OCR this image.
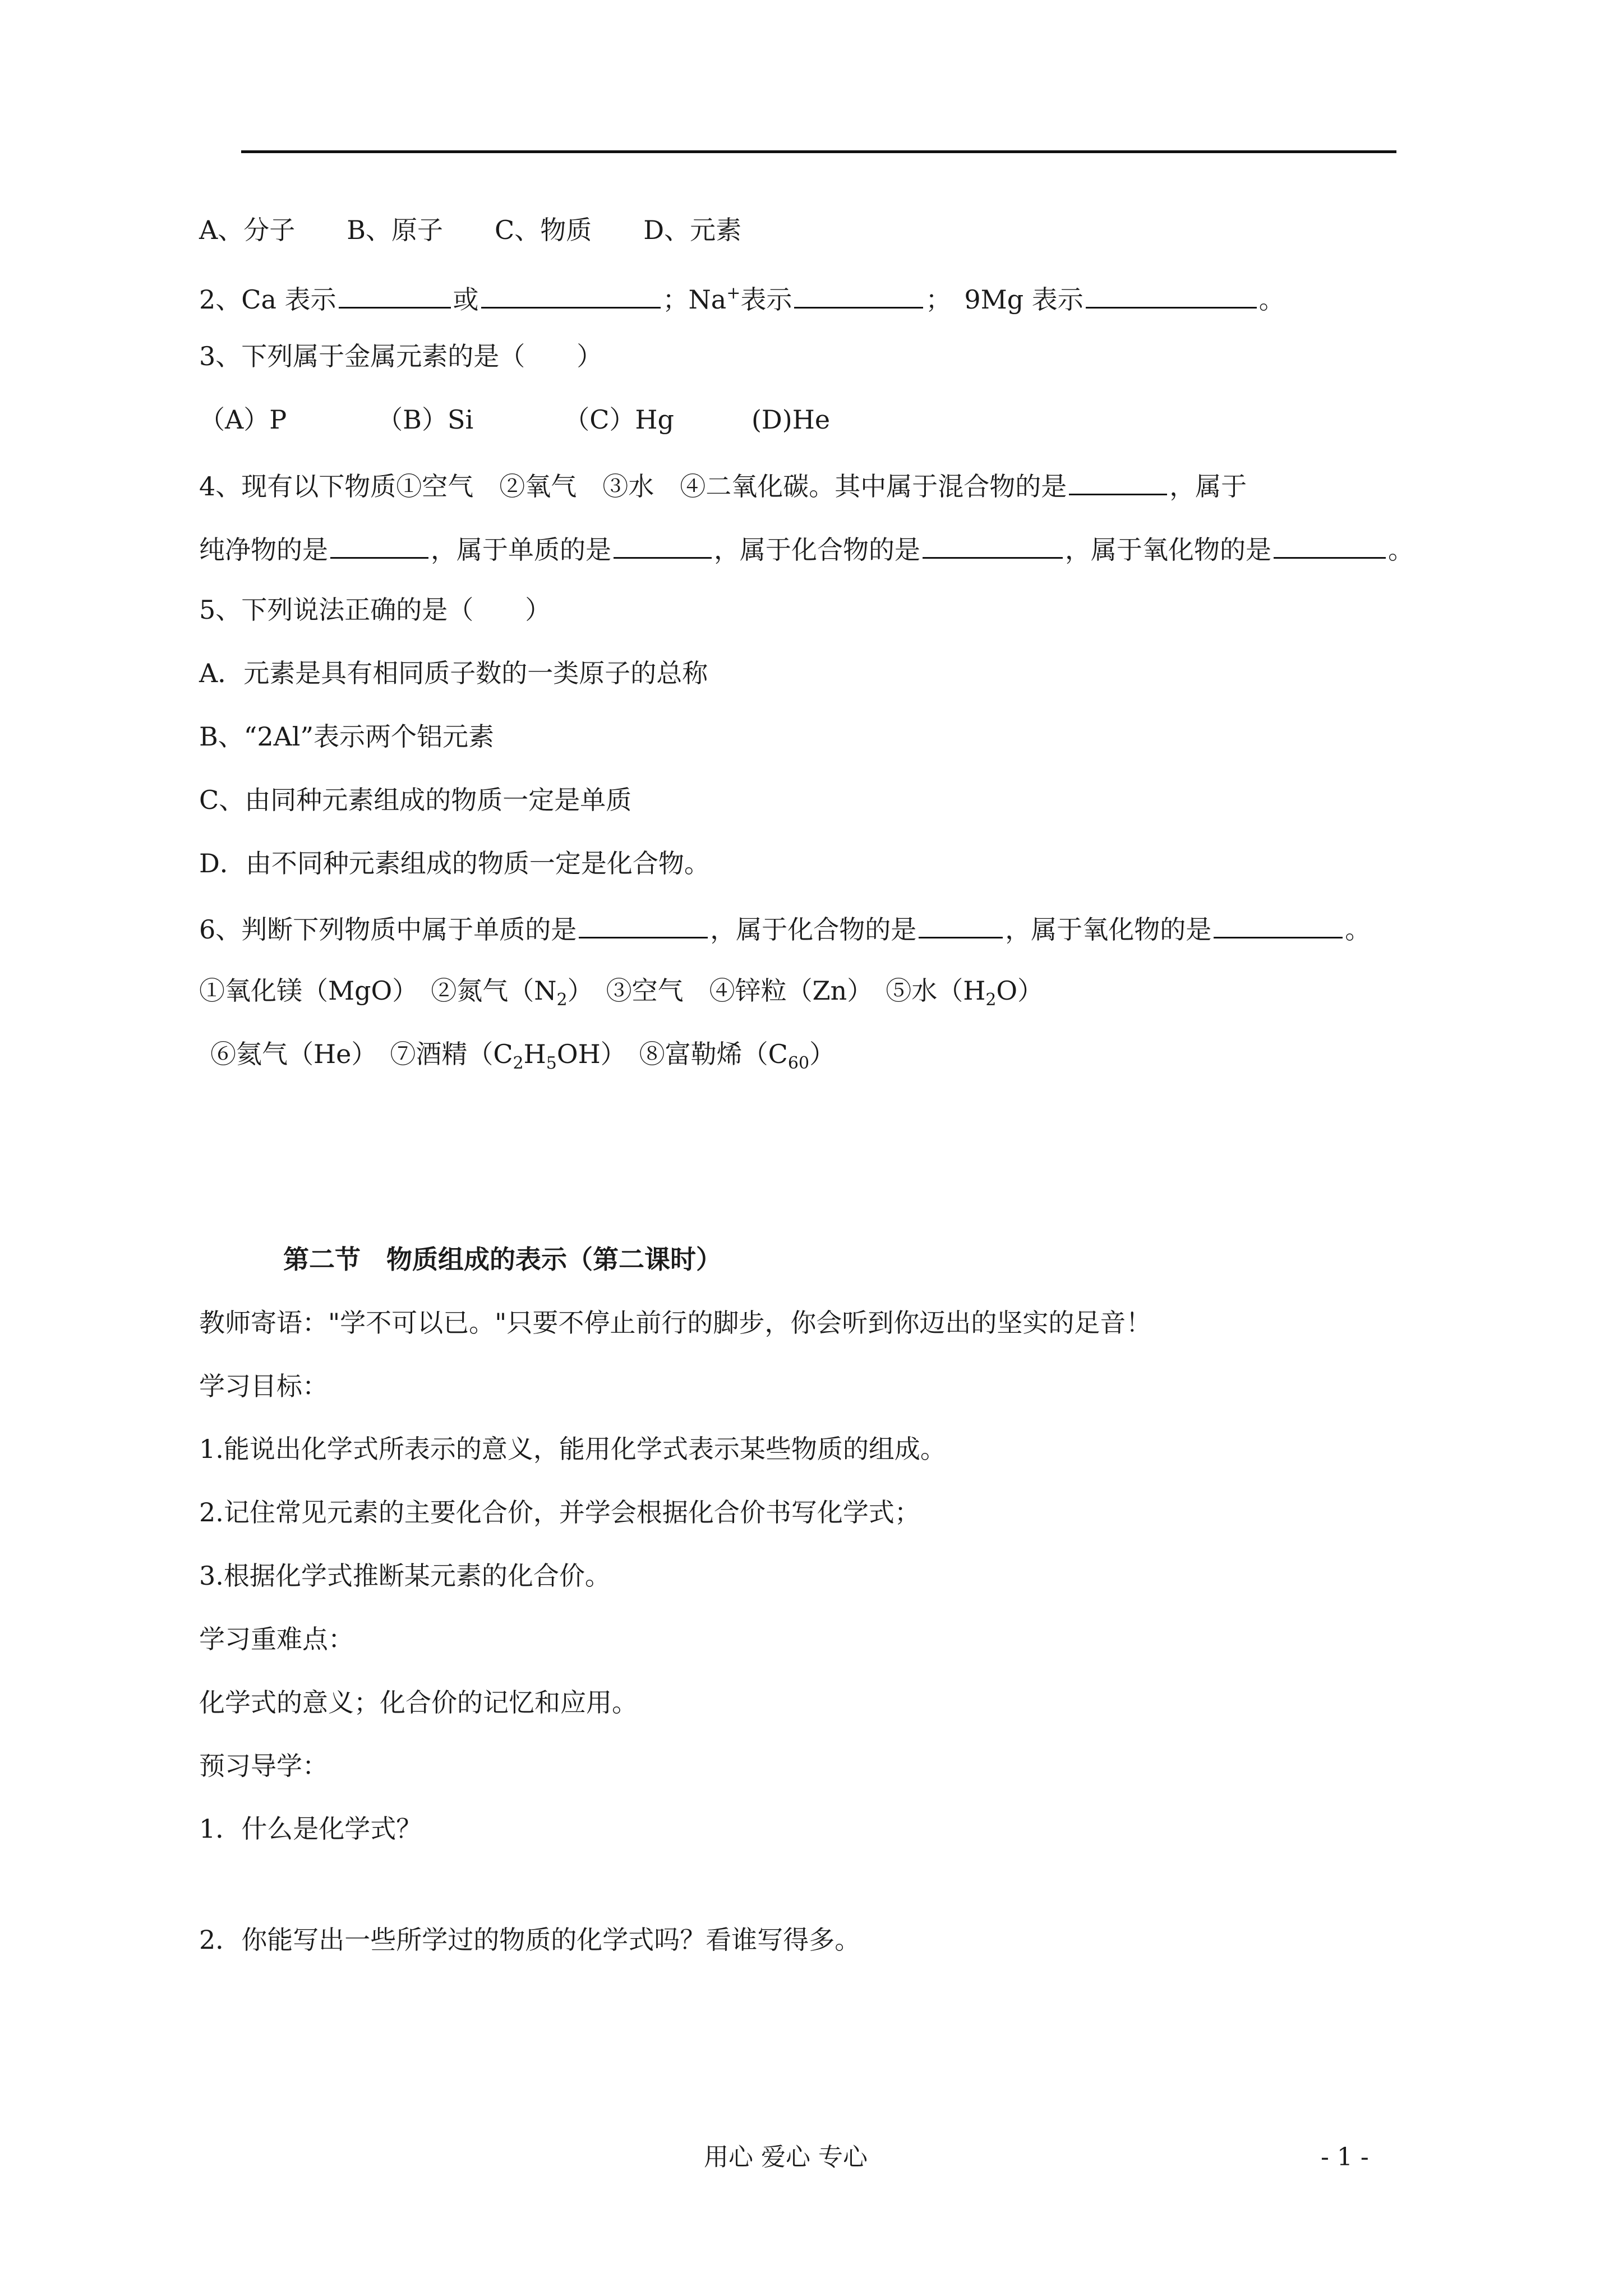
A、分子　　B、原子　　C、物质　　D、元素
2、Ca 表示	或	；Na+表示	；　9Mg 表示	。
3、下列属于金属元素的是（　　）
（A）P　　　　（B）Si　　　　（C）Hg　　　(D)He
4、现有以下物质①空气　②氧气　③水　④二氧化碳。其中属于混合物的是	，属于
纯净物的是	，属于单质的是	，属于化合物的是	，属于氧化物的是	。
5、下列说法正确的是（　　）
A．元素是具有相同质子数的一类原子的总称
B、“2Al”表示两个铝元素
C、由同种元素组成的物质一定是单质
D．由不同种元素组成的物质一定是化合物。
6、判断下列物质中属于单质的是	，属于化合物的是	，属于氧化物的是	。
①氧化镁（MgO）　②氮气$(N_2)$　③空气　④锌粒（Zn）　⑤水$(H_2O)$
⑥氦气（He）　⑦酒精$(C_2H_5OH)$　⑧富勒烯$(C_{60})$
第二节　物质组成的表示（第二课时）
教师寄语："学不可以已。"只要不停止前行的脚步，你会听到你迈出的坚实的足音！
学习目标：
1.能说出化学式所表示的意义，能用化学式表示某些物质的组成。
2.记住常见元素的主要化合价，并学会根据化合价书写化学式；
3.根据化学式推断某元素的化合价。
学习重难点：
化学式的意义；化合价的记忆和应用。
预习导学：
1．什么是化学式？
2．你能写出一些所学过的物质的化学式吗？看谁写得多。
用心 爱心 专心	- 1 -
